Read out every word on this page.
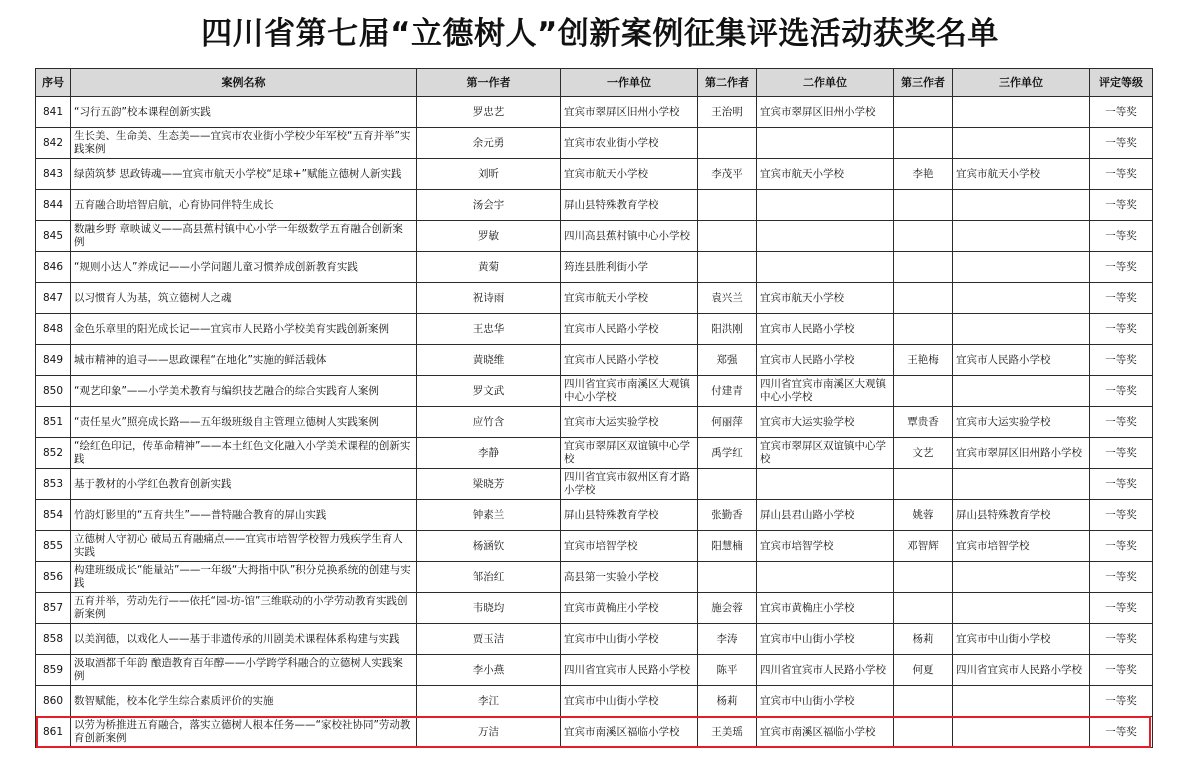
四川省第七届“立德树人”创新案例征集评选活动获奖名单
序号	案例名称	第一作者	一作单位	第二作者	二作单位	第三作者	三作单位	评定等级
841	“习行五韵”校本课程创新实践	罗忠艺	宜宾市翠屏区旧州小学校	王治明	宜宾市翠屏区旧州小学校			一等奖
842	生长美、生命美、生态美——宜宾市农业街小学校少年军校“五育并举”实践案例	余元勇	宜宾市农业街小学校					一等奖
843	绿茵筑梦 思政铸魂——宜宾市航天小学校“足球+”赋能立德树人新实践	刘昕	宜宾市航天小学校	李茂平	宜宾市航天小学校	李艳	宜宾市航天小学校	一等奖
844	五育融合助培智启航，心育协同伴特生成长	汤会宇	屏山县特殊教育学校					一等奖
845	数融乡野 章映诚义——高县蕉村镇中心小学一年级数学五育融合创新案例	罗敏	四川高县蕉村镇中心小学校					一等奖
846	“规则小达人”养成记——小学问题儿童习惯养成创新教育实践	黄菊	筠连县胜利街小学					一等奖
847	以习惯育人为基，筑立德树人之魂	祝诗雨	宜宾市航天小学校	袁兴兰	宜宾市航天小学校			一等奖
848	金色乐章里的阳光成长记——宜宾市人民路小学校美育实践创新案例	王忠华	宜宾市人民路小学校	阳洪刚	宜宾市人民路小学校			一等奖
849	城市精神的追寻——思政课程“在地化”实施的鲜活载体	黄晓维	宜宾市人民路小学校	郑强	宜宾市人民路小学校	王艳梅	宜宾市人民路小学校	一等奖
850	“观艺印象”——小学美术教育与编织技艺融合的综合实践育人案例	罗文武	四川省宜宾市南溪区大观镇中心小学校	付建青	四川省宜宾市南溪区大观镇中心小学校			一等奖
851	“责任星火”照亮成长路——五年级班级自主管理立德树人实践案例	应竹含	宜宾市大运实验学校	何丽萍	宜宾市大运实验学校	覃贵香	宜宾市大运实验学校	一等奖
852	“绘红色印记，传革命精神”——本土红色文化融入小学美术课程的创新实践	李静	宜宾市翠屏区双谊镇中心学校	禹学红	宜宾市翠屏区双谊镇中心学校	文艺	宜宾市翠屏区旧州路小学校	一等奖
853	基于教材的小学红色教育创新实践	梁晓芳	四川省宜宾市叙州区育才路小学校					一等奖
854	竹韵灯影里的“五育共生”——普特融合教育的屏山实践	钟素兰	屏山县特殊教育学校	张勤香	屏山县君山路小学校	姚蓉	屏山县特殊教育学校	一等奖
855	立德树人守初心 破局五育融痛点——宜宾市培智学校智力残疾学生育人实践	杨涵钦	宜宾市培智学校	阳慧楠	宜宾市培智学校	邓智辉	宜宾市培智学校	一等奖
856	构建班级成长“能量站”——一年级“大拇指中队”积分兑换系统的创建与实践	邹治红	高县第一实验小学校					一等奖
857	五育并举，劳动先行——依托“园-坊-馆”三维联动的小学劳动教育实践创新案例	韦晓均	宜宾市黄桷庄小学校	施会蓉	宜宾市黄桷庄小学校			一等奖
858	以美润德，以戏化人——基于非遗传承的川剧美术课程体系构建与实践	贾玉洁	宜宾市中山街小学校	李涛	宜宾市中山街小学校	杨莉	宜宾市中山街小学校	一等奖
859	汲取酒都千年韵 酿造教育百年醇——小学跨学科融合的立德树人实践案例	李小燕	四川省宜宾市人民路小学校	陈平	四川省宜宾市人民路小学校	何夏	四川省宜宾市人民路小学校	一等奖
860	数智赋能，校本化学生综合素质评价的实施	李江	宜宾市中山街小学校	杨莉	宜宾市中山街小学校			一等奖
861	以劳为桥推进五育融合，落实立德树人根本任务——“家校社协同”劳动教育创新案例	万洁	宜宾市南溪区福临小学校	王美瑶	宜宾市南溪区福临小学校			一等奖
